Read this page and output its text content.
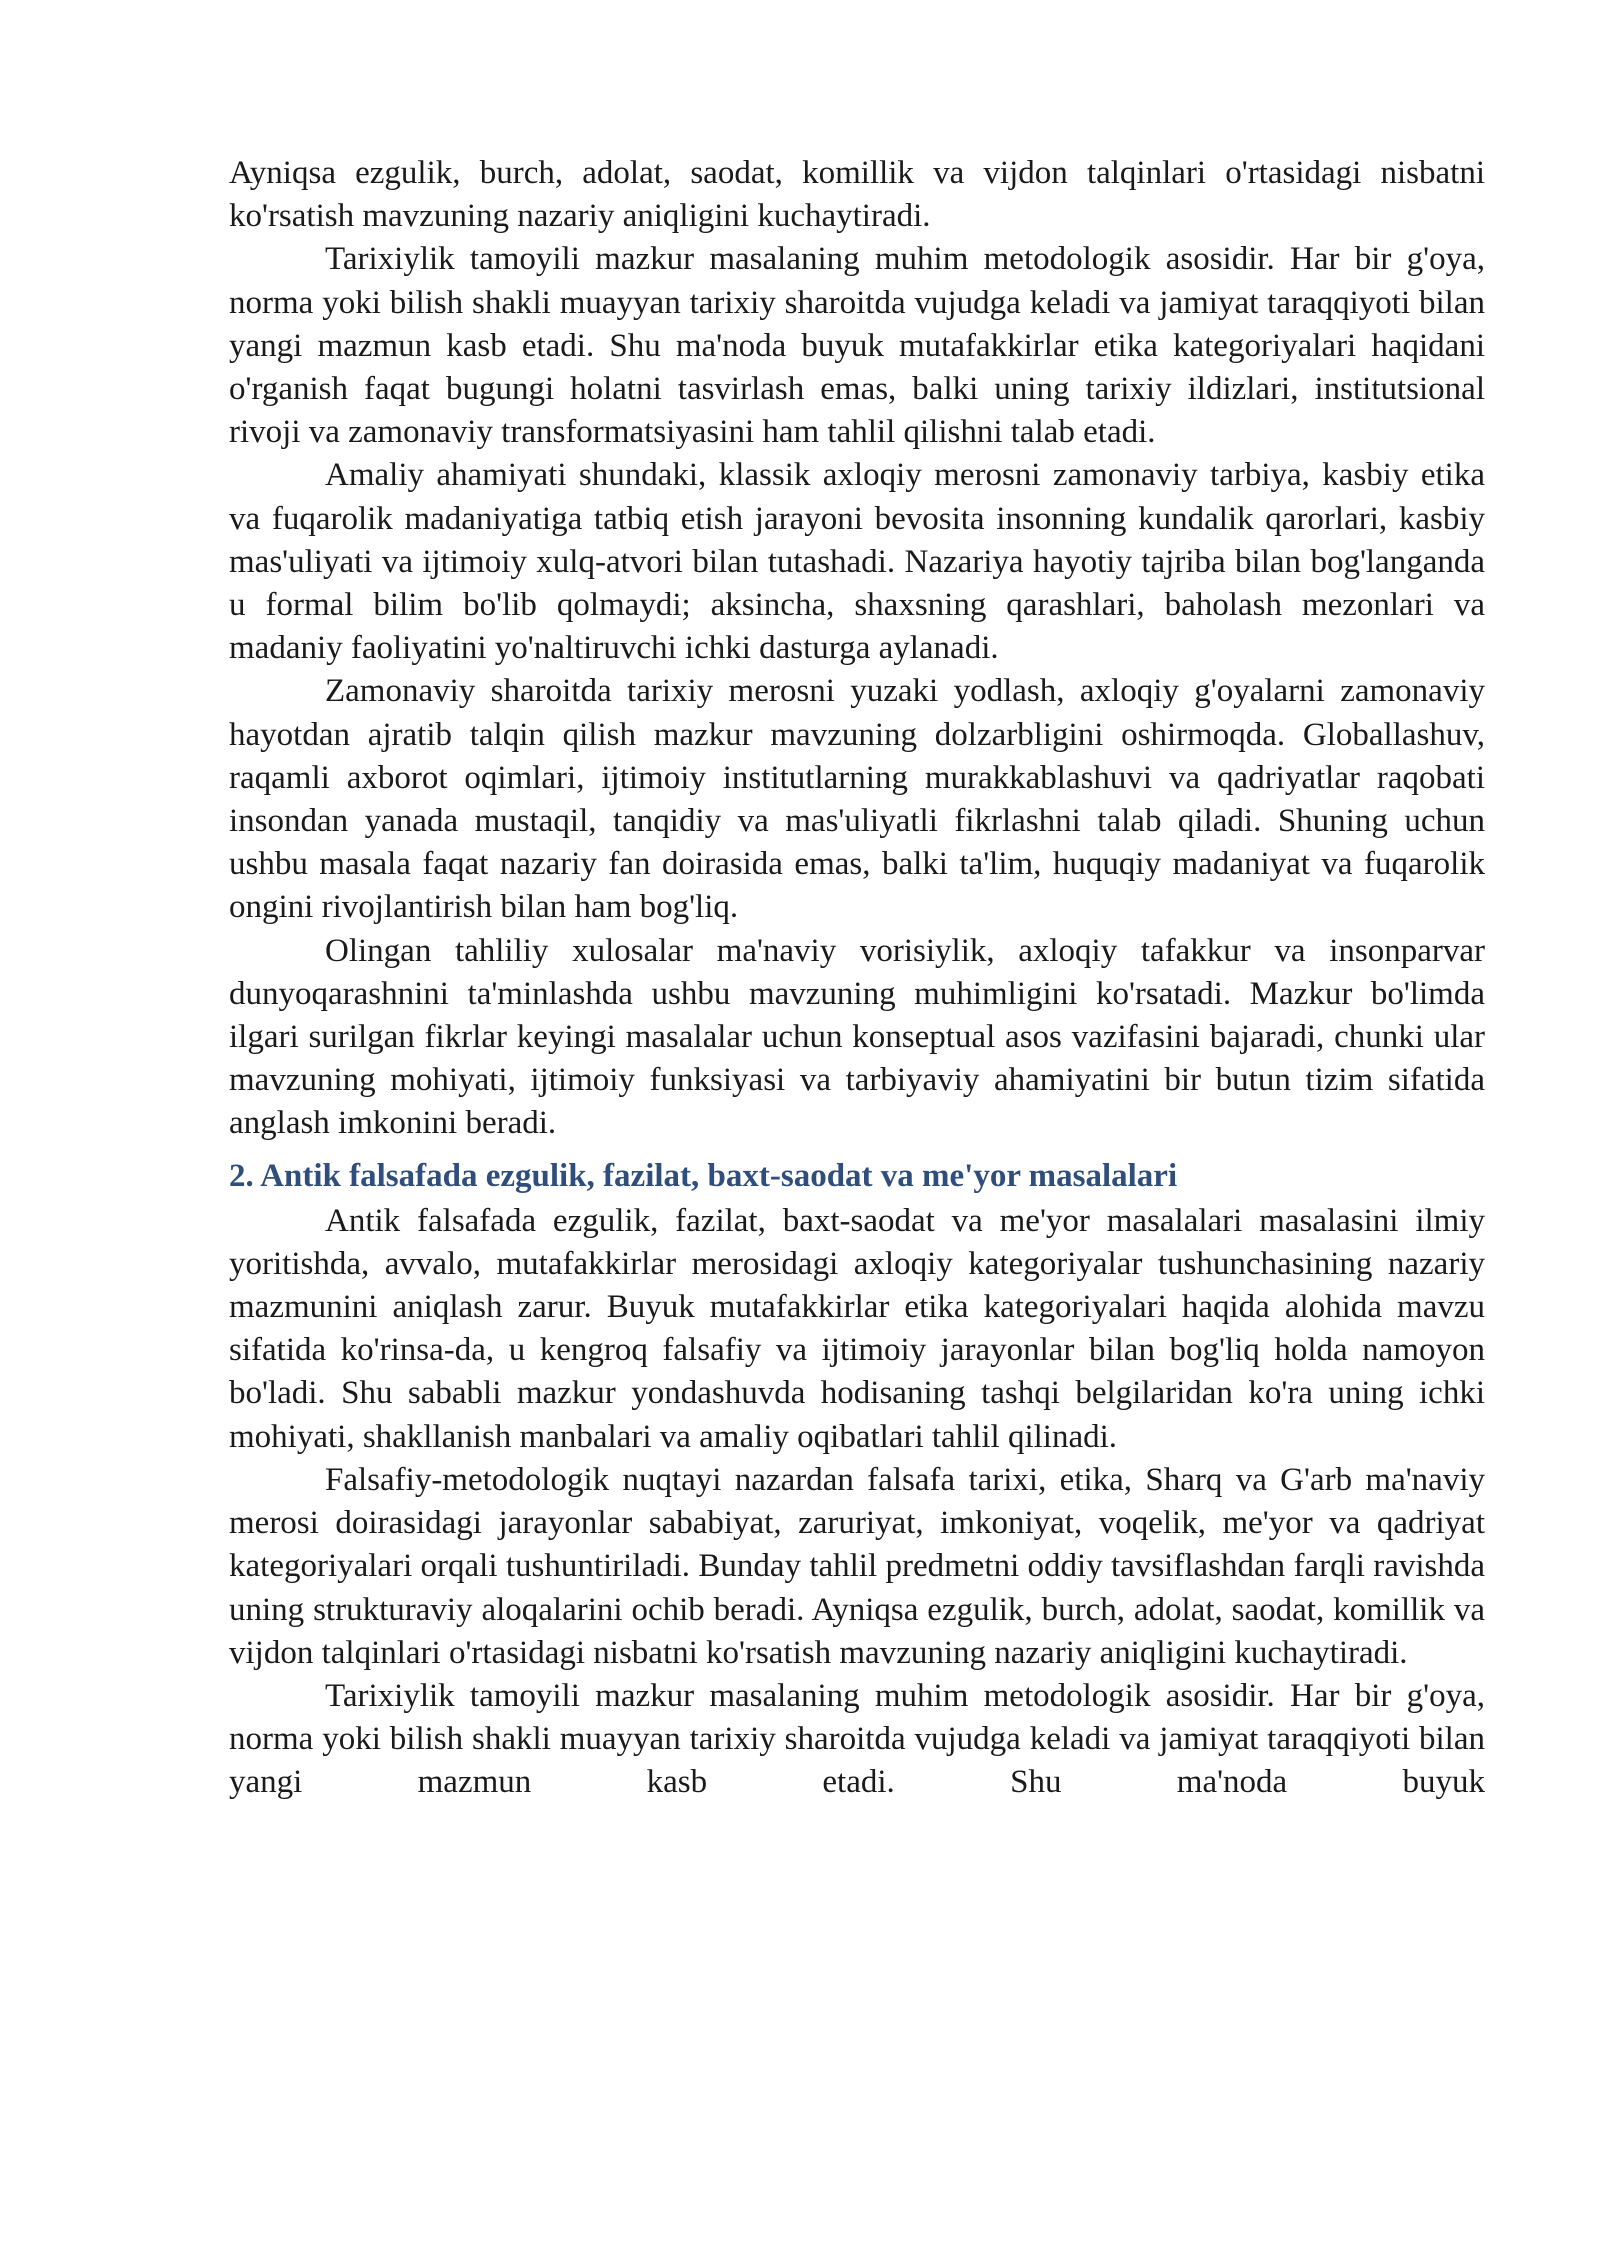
Ayniqsa ezgulik, burch, adolat, saodat, komillik va vijdon talqinlari o'rtasidagi nisbatni ko'rsatish mavzuning nazariy aniqligini kuchaytiradi.

Tarixiylik tamoyili mazkur masalaning muhim metodologik asosidir. Har bir g'oya, norma yoki bilish shakli muayyan tarixiy sharoitda vujudga keladi va jamiyat taraqqiyoti bilan yangi mazmun kasb etadi. Shu ma'noda buyuk mutafakkirlar etika kategoriyalari haqidani o'rganish faqat bugungi holatni tasvirlash emas, balki uning tarixiy ildizlari, institutsional rivoji va zamonaviy transformatsiyasini ham tahlil qilishni talab etadi.

Amaliy ahamiyati shundaki, klassik axloqiy merosni zamonaviy tarbiya, kasbiy etika va fuqarolik madaniyatiga tatbiq etish jarayoni bevosita insonning kundalik qarorlari, kasbiy mas'uliyati va ijtimoiy xulq-atvori bilan tutashadi. Nazariya hayotiy tajriba bilan bog'langanda u formal bilim bo'lib qolmaydi; aksincha, shaxsning qarashlari, baholash mezonlari va madaniy faoliyatini yo'naltiruvchi ichki dasturga aylanadi.

Zamonaviy sharoitda tarixiy merosni yuzaki yodlash, axloqiy g'oyalarni zamonaviy hayotdan ajratib talqin qilish mazkur mavzuning dolzarbligini oshirmoqda. Globallashuv, raqamli axborot oqimlari, ijtimoiy institutlarning murakkablashuvi va qadriyatlar raqobati insondan yanada mustaqil, tanqidiy va mas'uliyatli fikrlashni talab qiladi. Shuning uchun ushbu masala faqat nazariy fan doirasida emas, balki ta'lim, huquqiy madaniyat va fuqarolik ongini rivojlantirish bilan ham bog'liq.

Olingan tahliliy xulosalar ma'naviy vorisiylik, axloqiy tafakkur va insonparvar dunyoqarashnini ta'minlashda ushbu mavzuning muhimligini ko'rsatadi. Mazkur bo'limda ilgari surilgan fikrlar keyingi masalalar uchun konseptual asos vazifasini bajaradi, chunki ular mavzuning mohiyati, ijtimoiy funksiyasi va tarbiyaviy ahamiyatini bir butun tizim sifatida anglash imkonini beradi.

2. Antik falsafada ezgulik, fazilat, baxt-saodat va me'yor masalalari

Antik falsafada ezgulik, fazilat, baxt-saodat va me'yor masalalari masalasini ilmiy yoritishda, avvalo, mutafakkirlar merosidagi axloqiy kategoriyalar tushunchasining nazariy mazmunini aniqlash zarur. Buyuk mutafakkirlar etika kategoriyalari haqida alohida mavzu sifatida ko'rinsa-da, u kengroq falsafiy va ijtimoiy jarayonlar bilan bog'liq holda namoyon bo'ladi. Shu sababli mazkur yondashuvda hodisaning tashqi belgilaridan ko'ra uning ichki mohiyati, shakllanish manbalari va amaliy oqibatlari tahlil qilinadi.

Falsafiy-metodologik nuqtayi nazardan falsafa tarixi, etika, Sharq va G'arb ma'naviy merosi doirasidagi jarayonlar sababiyat, zaruriyat, imkoniyat, voqelik, me'yor va qadriyat kategoriyalari orqali tushuntiriladi. Bunday tahlil predmetni oddiy tavsiflashdan farqli ravishda uning strukturaviy aloqalarini ochib beradi. Ayniqsa ezgulik, burch, adolat, saodat, komillik va vijdon talqinlari o'rtasidagi nisbatni ko'rsatish mavzuning nazariy aniqligini kuchaytiradi.

Tarixiylik tamoyili mazkur masalaning muhim metodologik asosidir. Har bir g'oya, norma yoki bilish shakli muayyan tarixiy sharoitda vujudga keladi va jamiyat taraqqiyoti bilan yangi mazmun kasb etadi. Shu ma'noda buyuk
